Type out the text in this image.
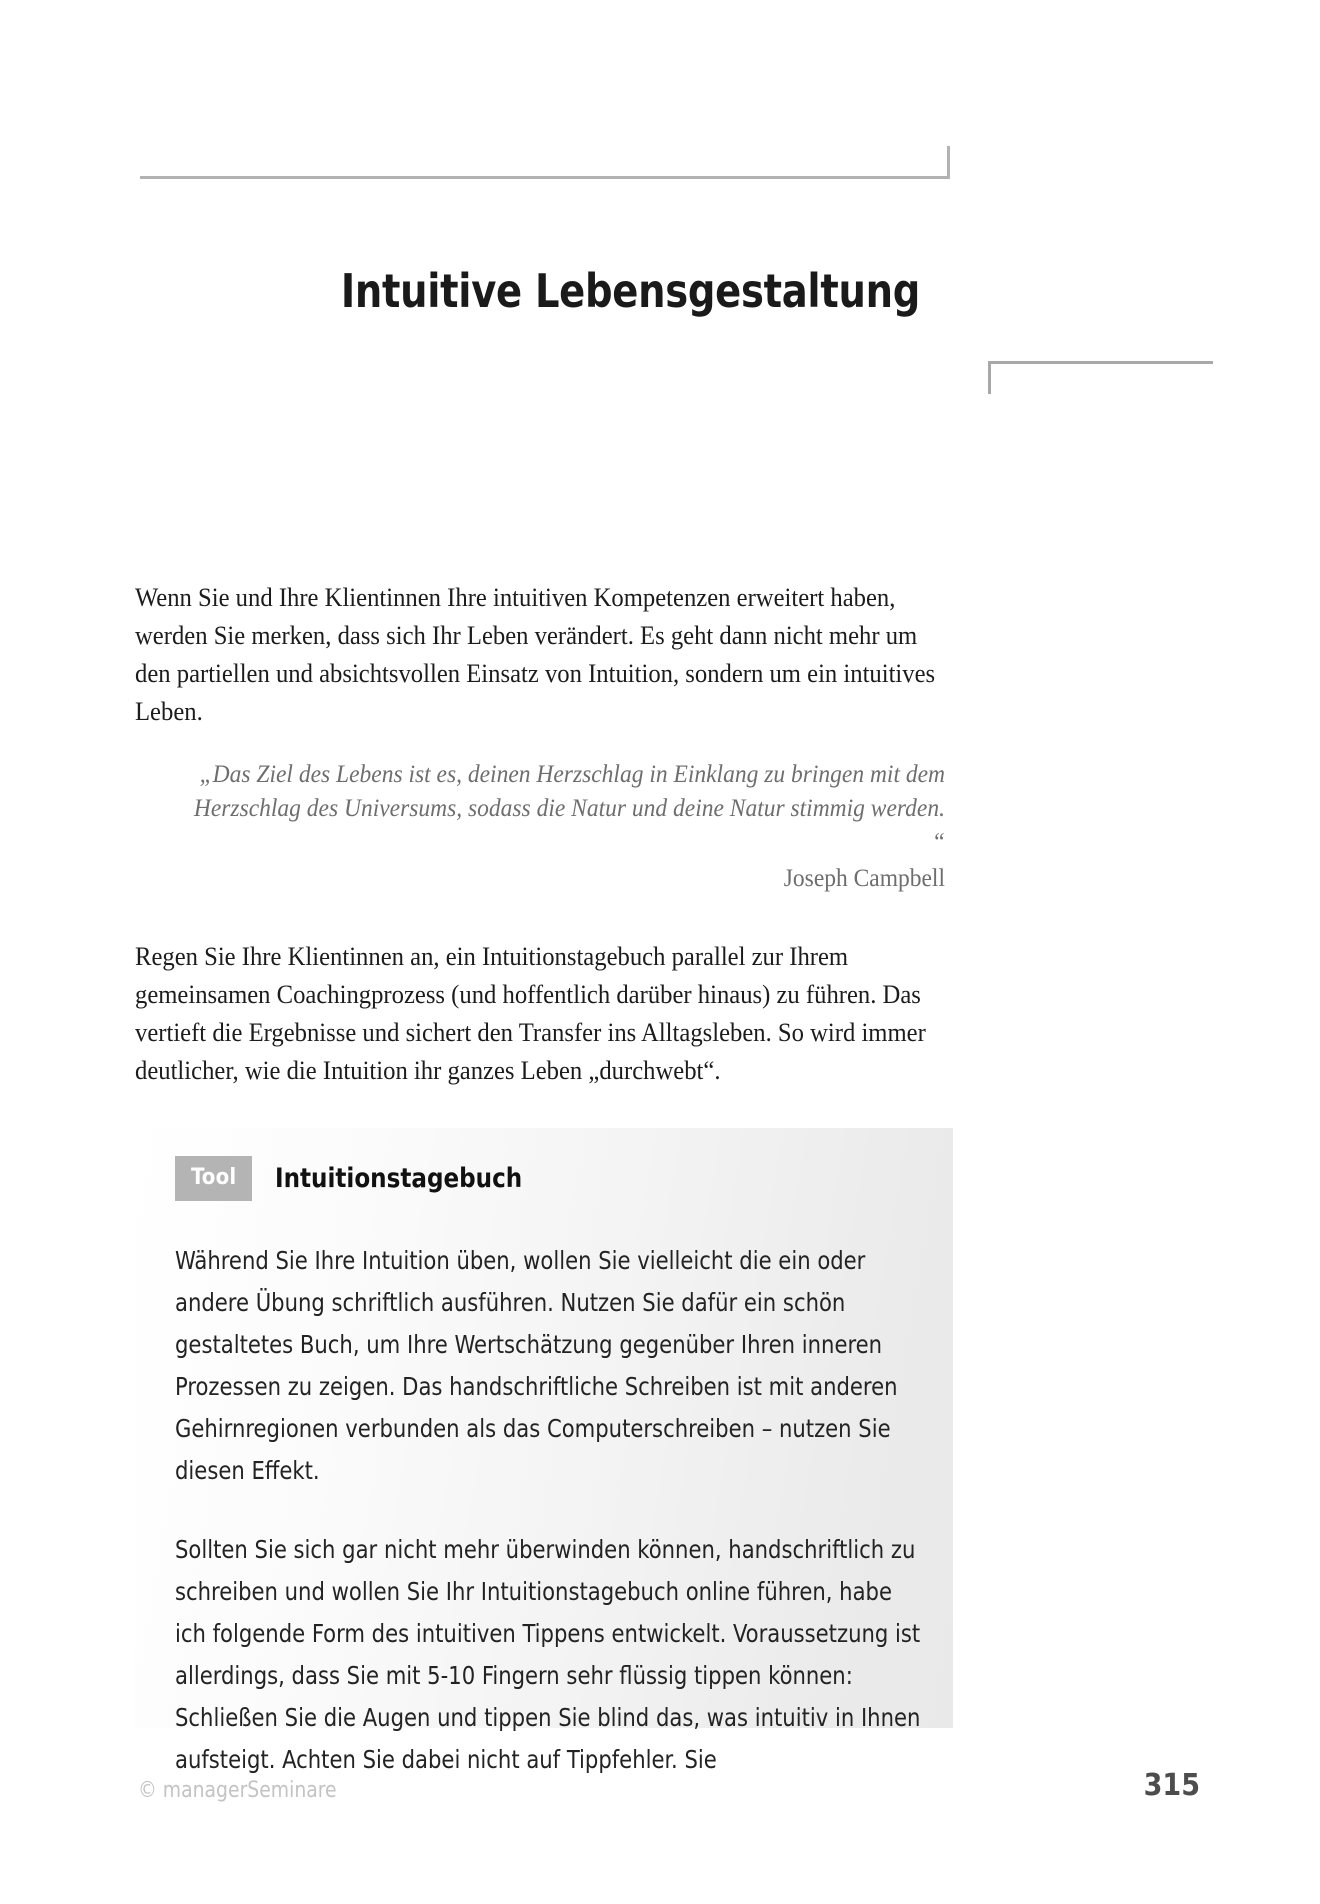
Intuitive Lebensgestaltung
Wenn Sie und Ihre Klientinnen Ihre intuitiven Kompetenzen erweitert haben, werden Sie merken, dass sich Ihr Leben verändert. Es geht dann nicht mehr um den partiellen und absichtsvollen Einsatz von Intuition, sondern um ein intuitives Leben.
„Das Ziel des Lebens ist es, deinen Herzschlag in Einklang zu bringen mit dem Herzschlag des Universums, sodass die Natur und deine Natur stimmig werden. “
Joseph Campbell
Regen Sie Ihre Klientinnen an, ein Intuitionstagebuch parallel zur Ihrem gemeinsamen Coachingprozess (und hoffentlich darüber hinaus) zu führen. Das vertieft die Ergebnisse und sichert den Transfer ins Alltagsleben. So wird immer deutlicher, wie die Intuition ihr ganzes Leben „durchwebt“.
Tool	Intuitionstagebuch
Während Sie Ihre Intuition üben, wollen Sie vielleicht die ein oder andere Übung schriftlich ausführen. Nutzen Sie dafür ein schön gestaltetes Buch, um Ihre Wertschätzung gegenüber Ihren inneren Prozessen zu zeigen. Das handschriftliche Schreiben ist mit anderen Gehirnregionen verbunden als das Computerschreiben – nutzen Sie diesen Effekt.
Sollten Sie sich gar nicht mehr überwinden können, handschriftlich zu schreiben und wollen Sie Ihr Intuitionstagebuch online führen, habe ich folgende Form des intuitiven Tippens entwickelt. Voraussetzung ist allerdings, dass Sie mit 5-10 Fingern sehr flüssig tippen können: Schließen Sie die Augen und tippen Sie blind das, was intuitiv in Ihnen aufsteigt. Achten Sie dabei nicht auf Tippfehler. Sie
© managerSeminare	315
